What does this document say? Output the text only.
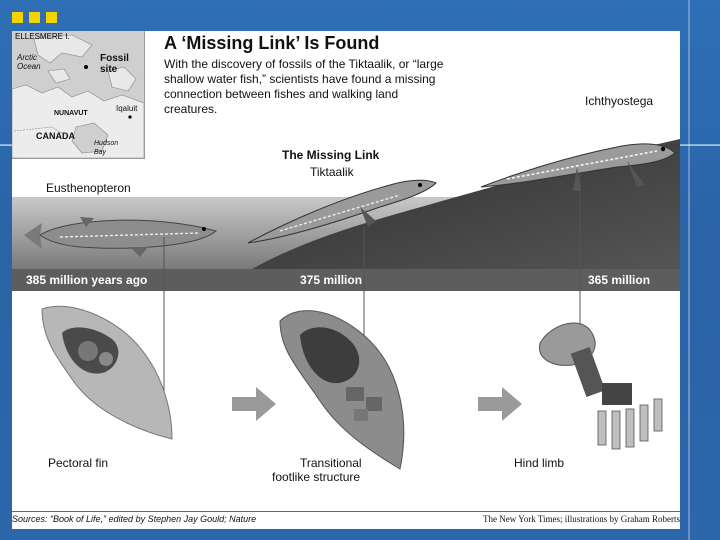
ELLESMERE I.
Arctic
Ocean
Fossil
site
NUNAVUT
Iqaluit
CANADA
Hudson
Bay
A ‘Missing Link’ Is Found
With the discovery of fossils of the Tiktaalik, or “large
shallow water fish,” scientists have found a missing
connection between fishes and walking land
creatures.
Eusthenopteron
The Missing Link
Tiktaalik
Ichthyostega
385 million years ago	375 million	365 million
Pectoral fin	Transitional
footlike structure
Hind limb
Sources: “Book of Life,” edited by Stephen Jay Gould; Nature	The New York Times; illustrations by Graham Roberts
